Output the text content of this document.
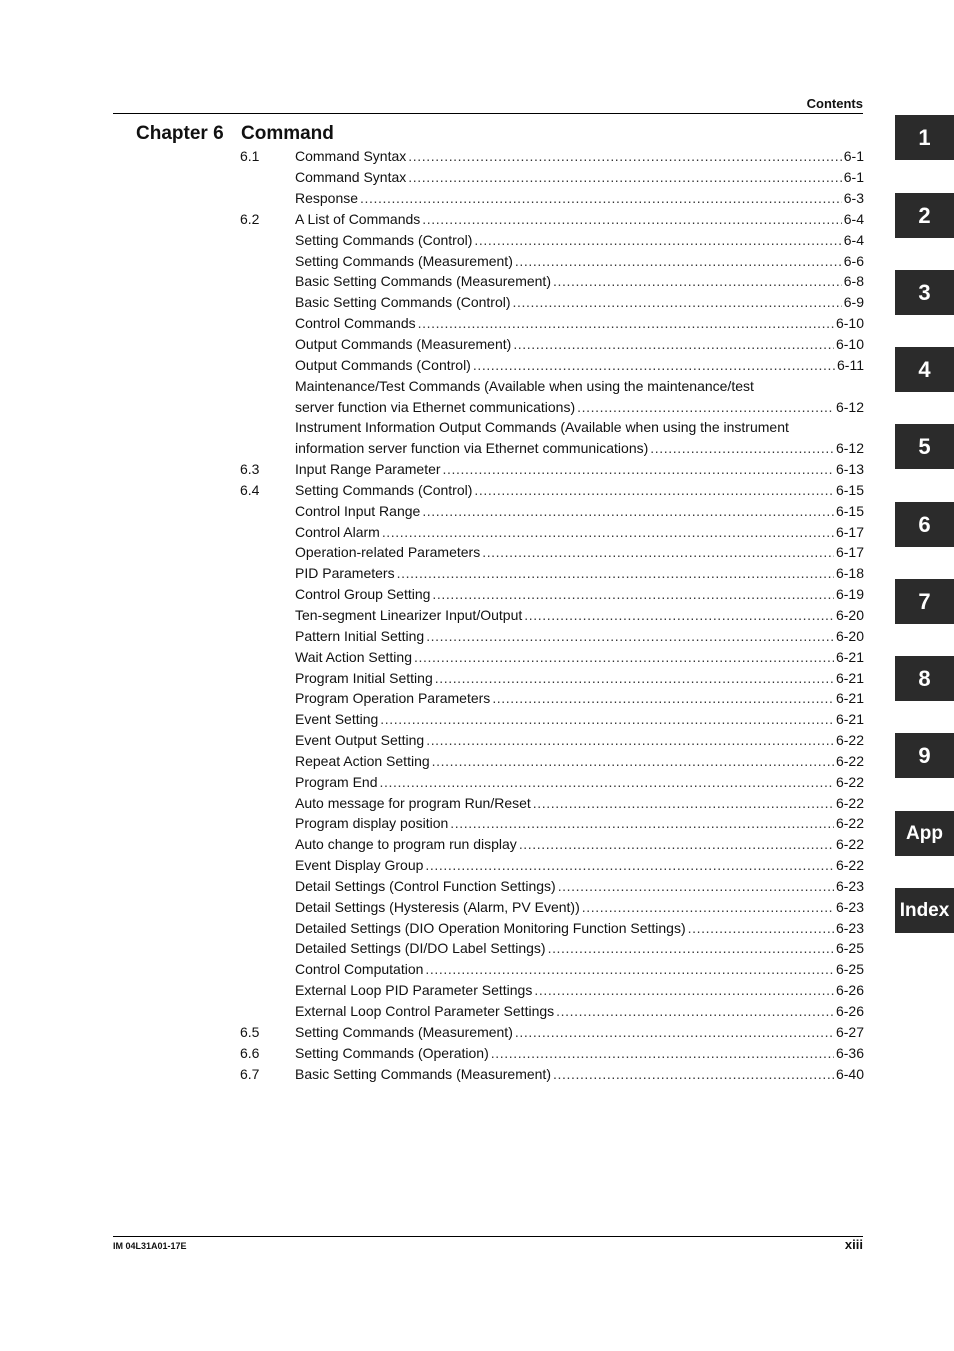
Contents
Chapter 6 Command
6.1	Command Syntax .....	6-1
Command Syntax .....	6-1
Response .....	6-3
6.2	A List of Commands .....	6-4
Setting Commands (Control) .....	6-4
Setting Commands (Measurement) .....	6-6
Basic Setting Commands (Measurement) .....	6-8
Basic Setting Commands (Control) .....	6-9
Control Commands .....	6-10
Output Commands (Measurement) .....	6-10
Output Commands (Control) .....	6-11
Maintenance/Test Commands (Available when using the maintenance/test
server function via Ethernet communications) .....	6-12
Instrument Information Output Commands (Available when using the instrument
information server function via Ethernet communications) .....	6-12
6.3	Input Range Parameter .....	6-13
6.4	Setting Commands (Control) .....	6-15
Control Input Range .....	6-15
Control Alarm .....	6-17
Operation-related Parameters .....	6-17
PID Parameters .....	6-18
Control Group Setting .....	6-19
Ten-segment Linearizer Input/Output .....	6-20
Pattern Initial Setting .....	6-20
Wait Action Setting .....	6-21
Program Initial Setting .....	6-21
Program Operation Parameters .....	6-21
Event Setting .....	6-21
Event Output Setting .....	6-22
Repeat Action Setting .....	6-22
Program End .....	6-22
Auto message for program Run/Reset .....	6-22
Program display position .....	6-22
Auto change to program run display .....	6-22
Event Display Group .....	6-22
Detail Settings (Control Function Settings) .....	6-23
Detail Settings (Hysteresis (Alarm, PV Event)) .....	6-23
Detailed Settings (DIO Operation Monitoring Function Settings) .....	6-23
Detailed Settings (DI/DO Label Settings) .....	6-25
Control Computation .....	6-25
External Loop PID Parameter Settings .....	6-26
External Loop Control Parameter Settings .....	6-26
6.5	Setting Commands (Measurement) .....	6-27
6.6	Setting Commands (Operation) .....	6-36
6.7	Basic Setting Commands (Measurement) .....	6-40
1
2
3
4
5
6
7
8
9
App
Index
IM 04L31A01-17E	xiii
